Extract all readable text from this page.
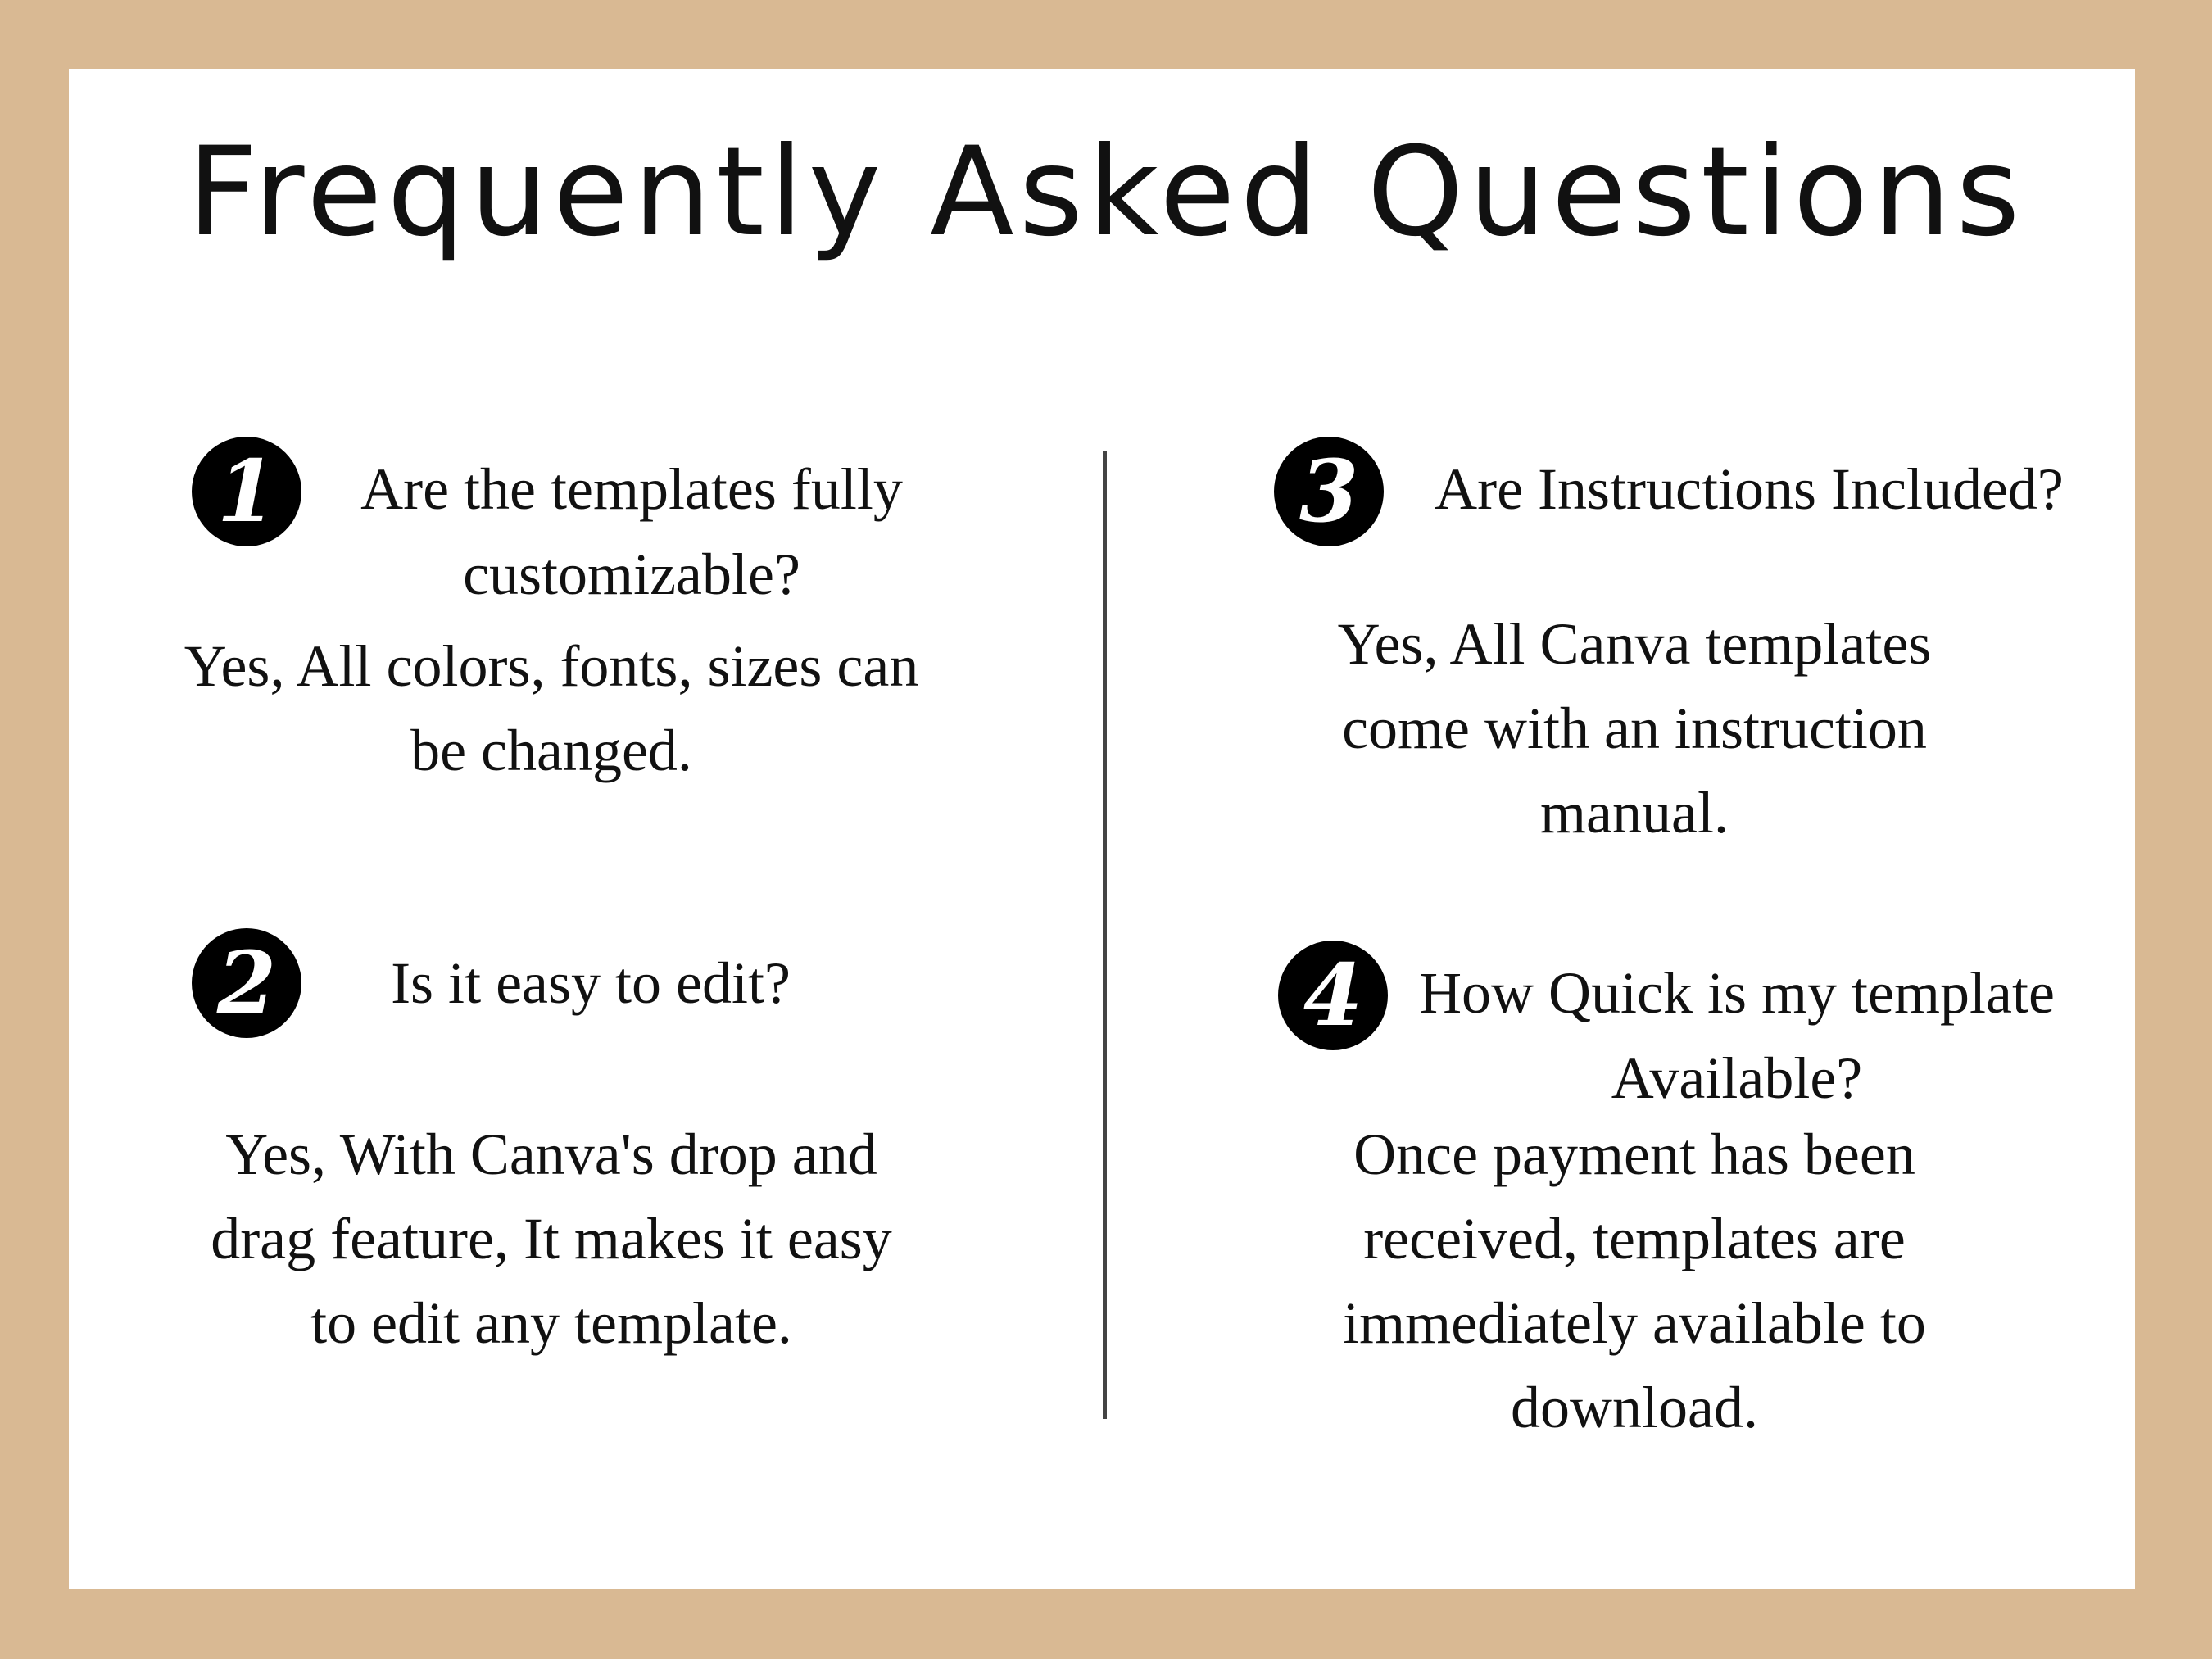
Frequently Asked Questions
1	Are the templates fully
customizable?
Yes, All colors, fonts, sizes can
be changed.
2	Is it easy to edit?
Yes, With Canva's drop and
drag feature, It makes it easy
to edit any template.
3	Are Instructions Included?
Yes, All Canva templates
come with an instruction
manual.
4 How Quick is my template
Available?
Once payment has been
received, templates are
immediately available to
download.
